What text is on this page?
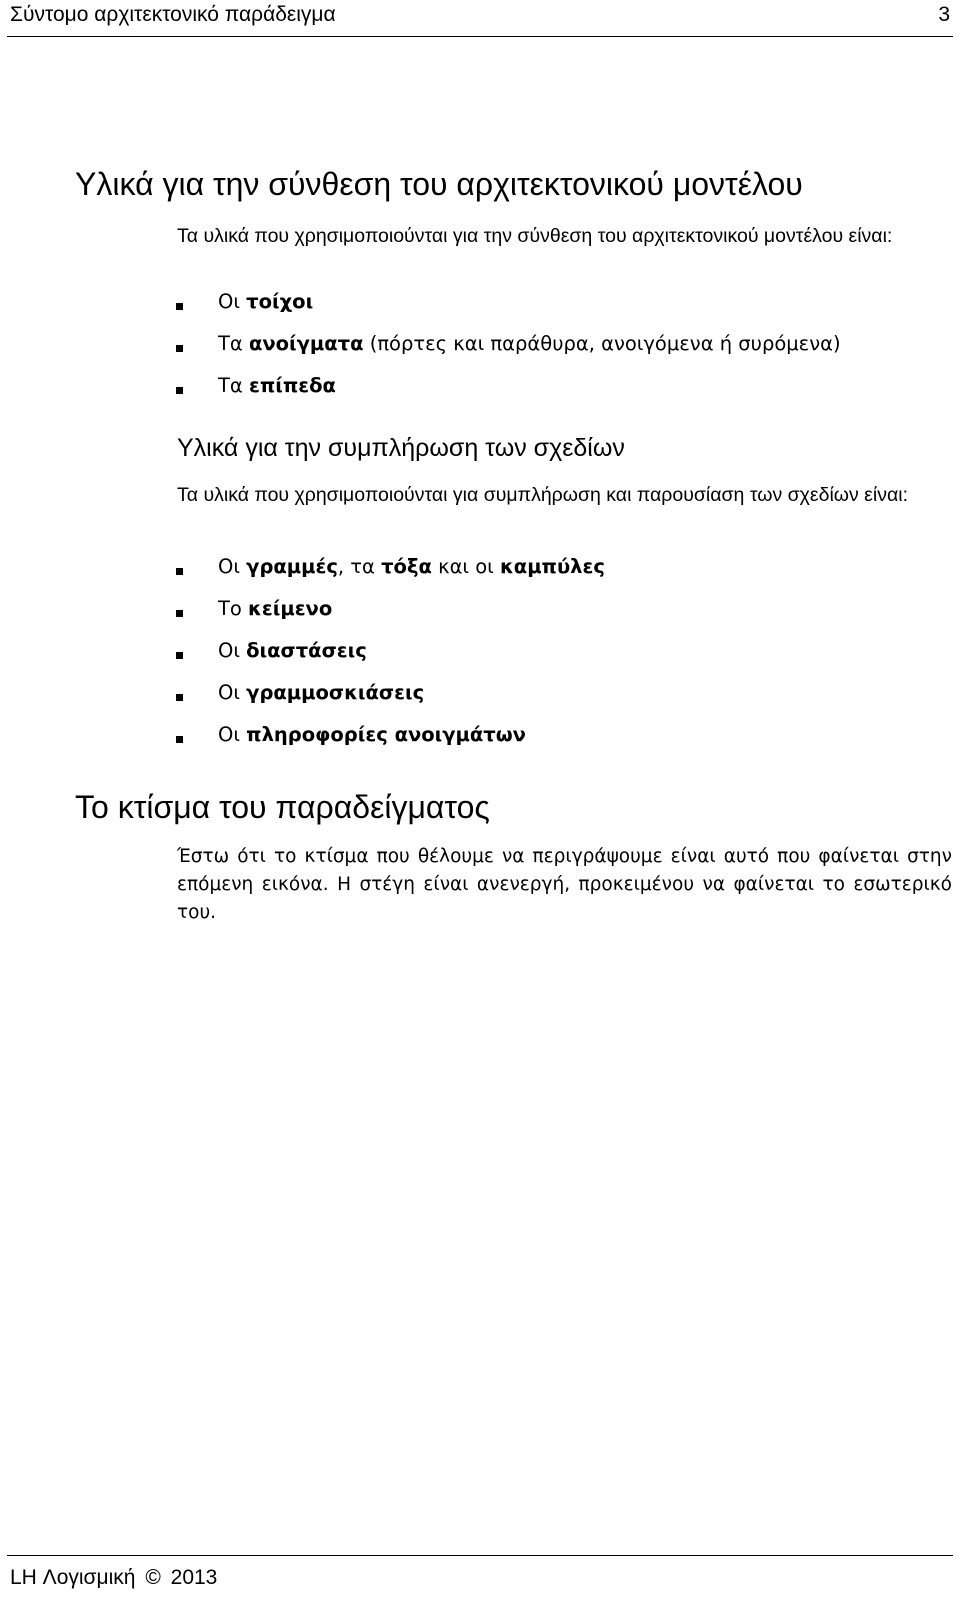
Σύντομο αρχιτεκτονικό παράδειγμα	3
Υλικά για την σύνθεση του αρχιτεκτονικού μοντέλου
Τα υλικά που χρησιμοποιούνται για την σύνθεση του αρχιτεκτονικού μοντέλου είναι:
Οι τοίχοι
Τα ανοίγματα (πόρτες και παράθυρα, ανοιγόμενα ή συρόμενα)
Τα επίπεδα
Υλικά για την συμπλήρωση των σχεδίων
Τα υλικά που χρησιμοποιούνται για συμπλήρωση και παρουσίαση των σχεδίων είναι:
Οι γραμμές, τα τόξα και οι καμπύλες
Το κείμενο
Οι διαστάσεις
Οι γραμμοσκιάσεις
Οι πληροφορίες ανοιγμάτων
Το κτίσμα του παραδείγματος
Έστω ότι το κτίσμα που θέλουμε να περιγράψουμε είναι αυτό που φαίνεται στην επόμενη εικόνα. Η στέγη είναι ανενεργή, προκειμένου να φαίνεται το εσωτερικό του.
LH Λογισμική © 2013
